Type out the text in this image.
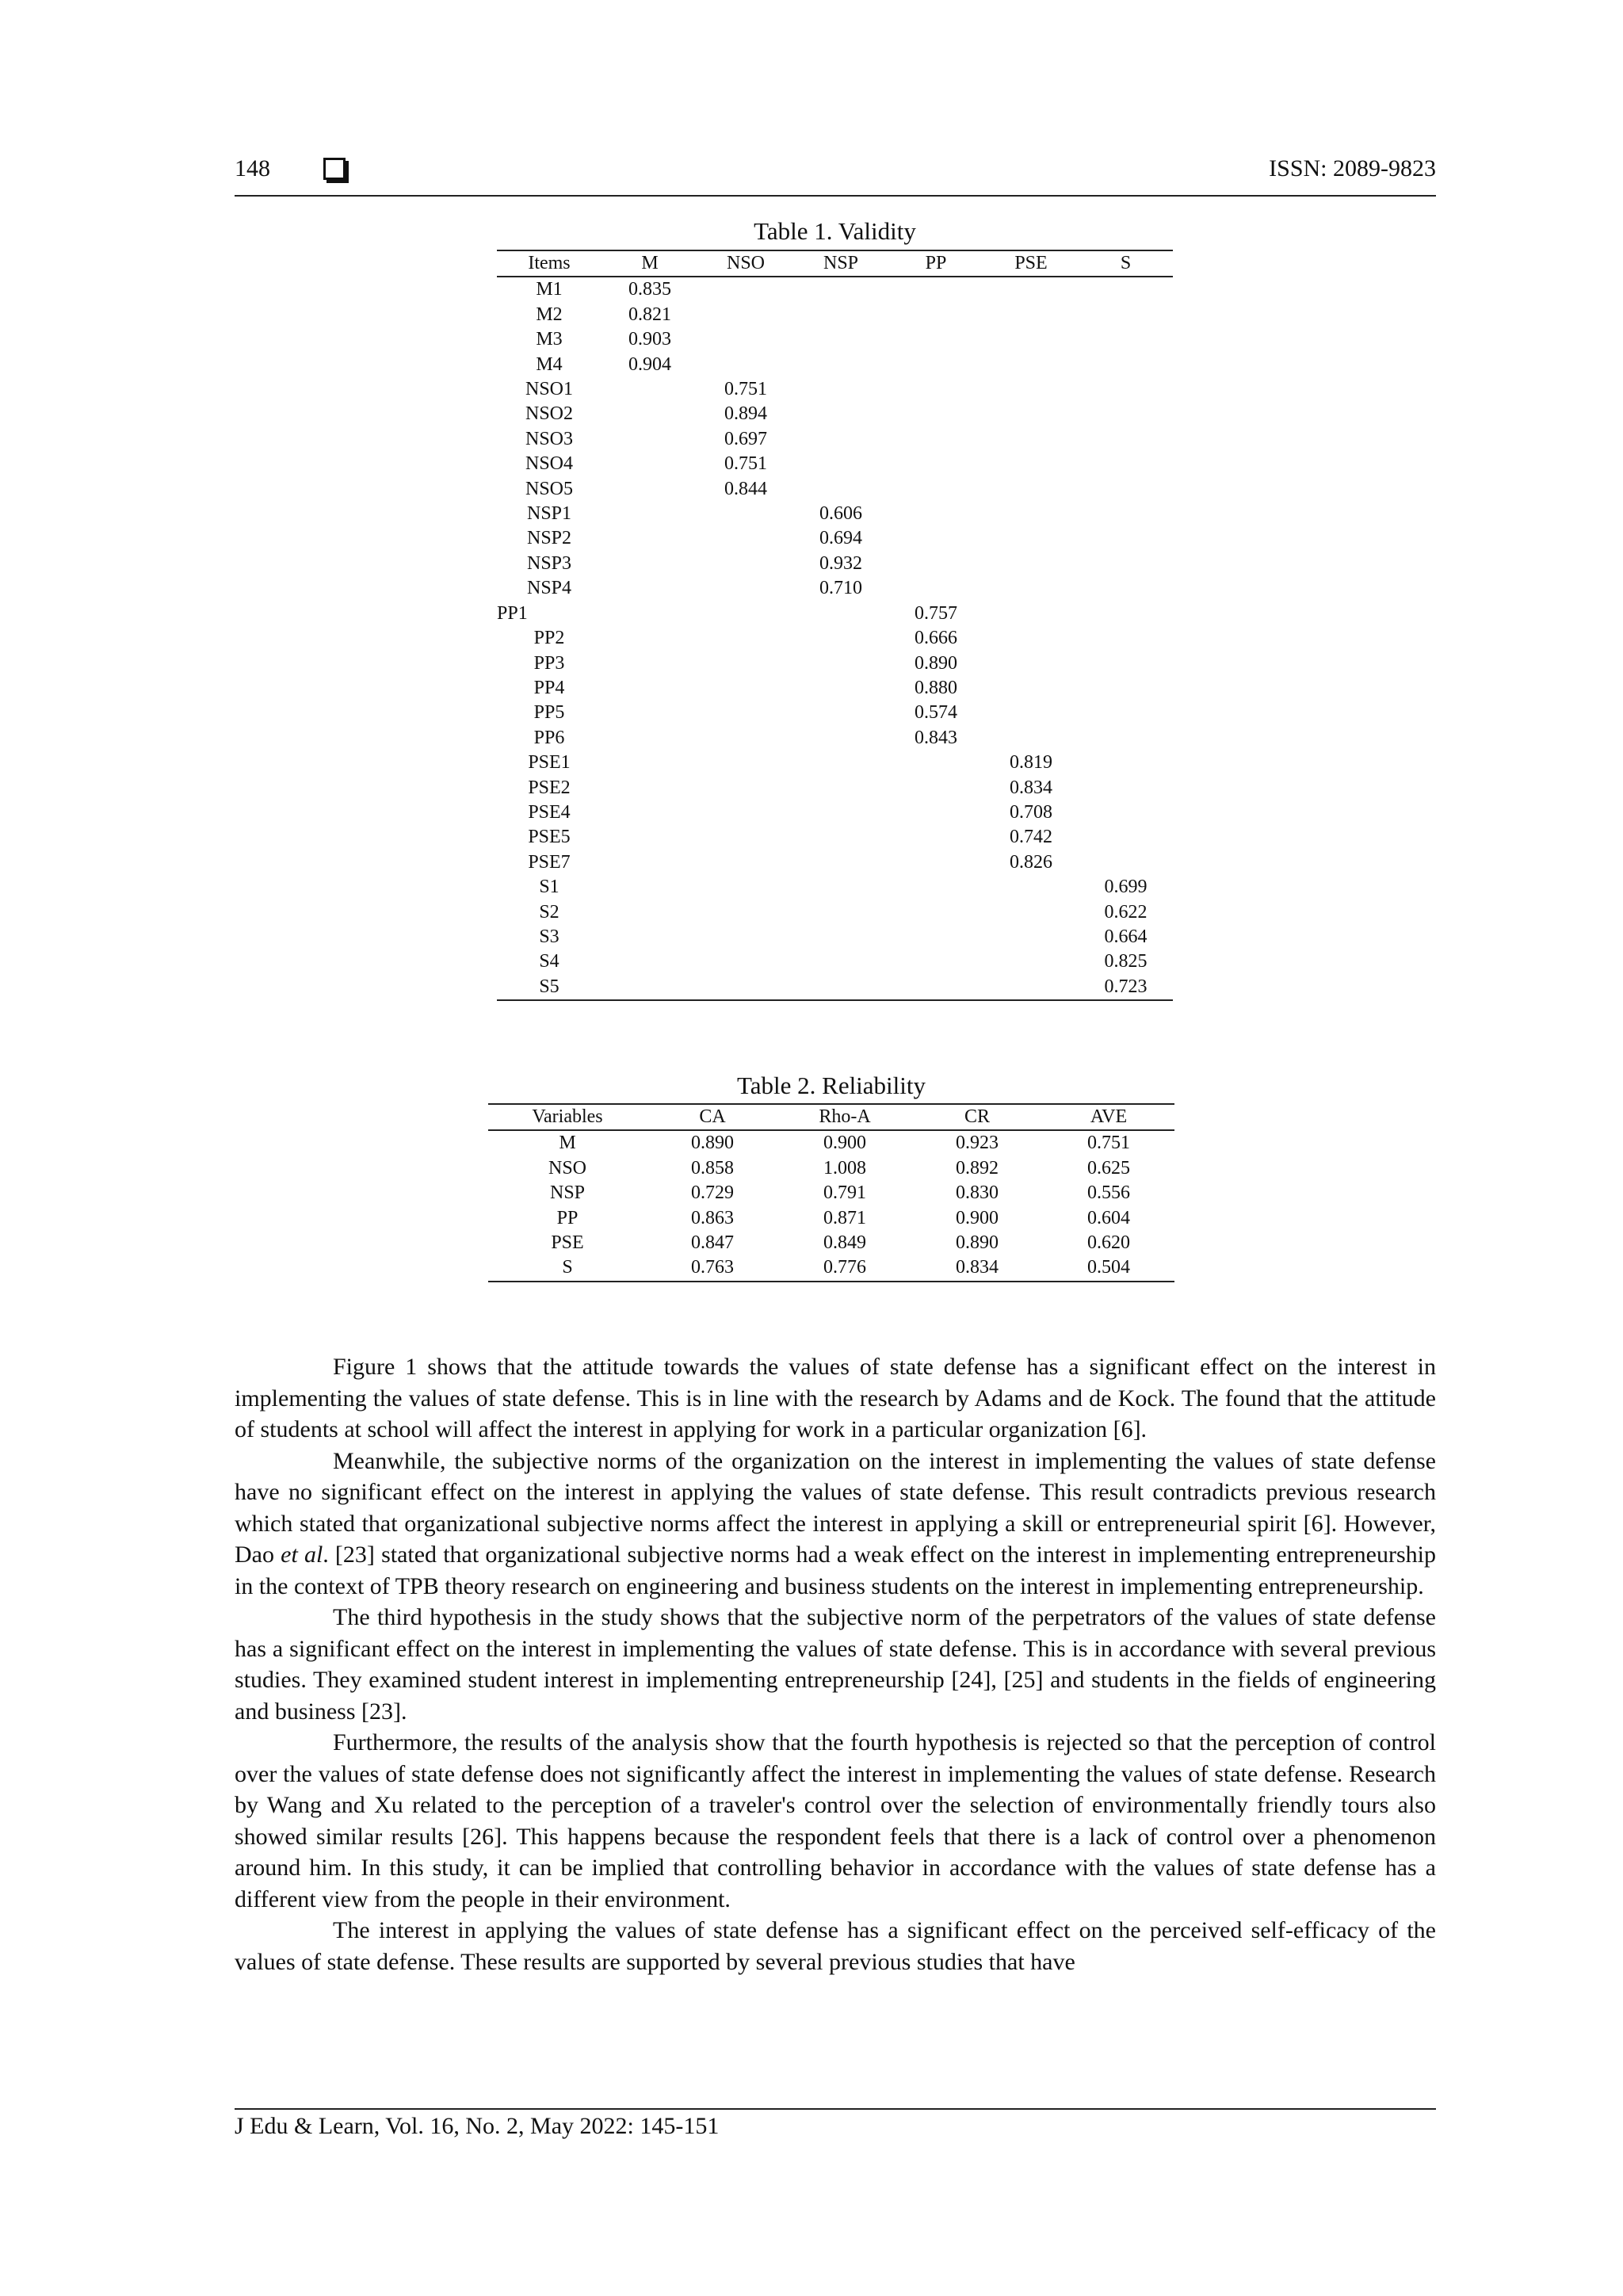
148	ISSN: 2089-9823
Table 1. Validity
Items	M	NSO	NSP	PP	PSE	S
M1	0.835					
M2	0.821					
M3	0.903					
M4	0.904					
NSO1		0.751				
NSO2		0.894				
NSO3		0.697				
NSO4		0.751				
NSO5		0.844				
NSP1			0.606			
NSP2			0.694			
NSP3			0.932			
NSP4			0.710			
PP1				0.757		
PP2				0.666		
PP3				0.890		
PP4				0.880		
PP5				0.574		
PP6				0.843		
PSE1					0.819	
PSE2					0.834	
PSE4					0.708	
PSE5					0.742	
PSE7					0.826	
S1						0.699
S2						0.622
S3						0.664
S4						0.825
S5						0.723
Table 2. Reliability
Variables	CA	Rho-A	CR	AVE
M	0.890	0.900	0.923	0.751
NSO	0.858	1.008	0.892	0.625
NSP	0.729	0.791	0.830	0.556
PP	0.863	0.871	0.900	0.604
PSE	0.847	0.849	0.890	0.620
S	0.763	0.776	0.834	0.504

Figure 1 shows that the attitude towards the values of state defense has a significant effect on the interest in implementing the values of state defense. This is in line with the research by Adams and de Kock. The found that the attitude of students at school will affect the interest in applying for work in a particular organization [6].

Meanwhile, the subjective norms of the organization on the interest in implementing the values of state defense have no significant effect on the interest in applying the values of state defense. This result contradicts previous research which stated that organizational subjective norms affect the interest in applying a skill or entrepreneurial spirit [6]. However, Dao et al. [23] stated that organizational subjective norms had a weak effect on the interest in implementing entrepreneurship in the context of TPB theory research on engineering and business students on the interest in implementing entrepreneurship.

The third hypothesis in the study shows that the subjective norm of the perpetrators of the values of state defense has a significant effect on the interest in implementing the values of state defense. This is in accordance with several previous studies. They examined student interest in implementing entrepreneurship [24], [25] and students in the fields of engineering and business [23].

Furthermore, the results of the analysis show that the fourth hypothesis is rejected so that the perception of control over the values of state defense does not significantly affect the interest in implementing the values of state defense. Research by Wang and Xu related to the perception of a traveler's control over the selection of environmentally friendly tours also showed similar results [26]. This happens because the respondent feels that there is a lack of control over a phenomenon around him. In this study, it can be implied that controlling behavior in accordance with the values of state defense has a different view from the people in their environment.

The interest in applying the values of state defense has a significant effect on the perceived self-efficacy of the values of state defense. These results are supported by several previous studies that have

J Edu & Learn, Vol. 16, No. 2, May 2022: 145-151
